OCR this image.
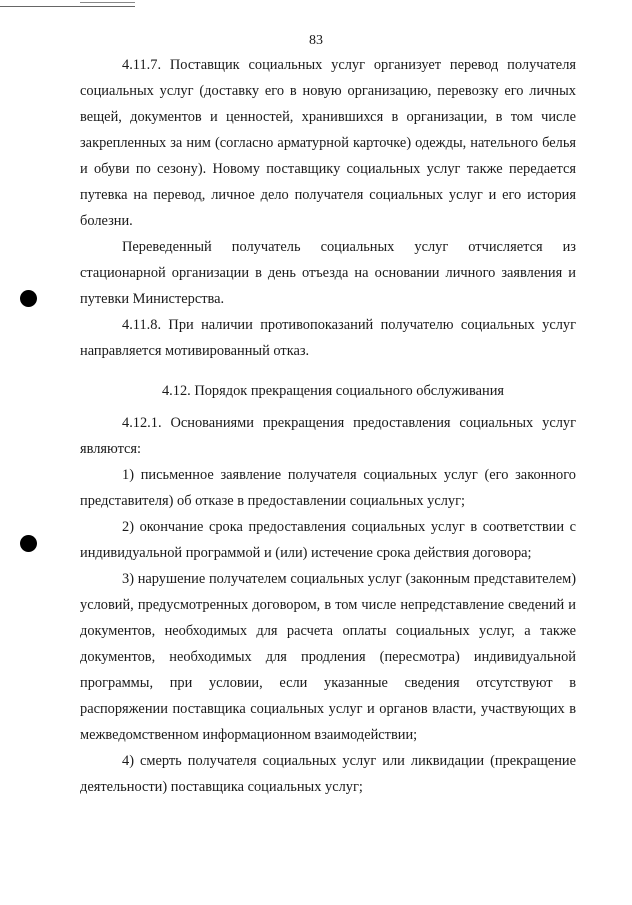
83

4.11.7. Поставщик социальных услуг организует перевод получателя социальных услуг (доставку его в новую организацию, перевозку его личных вещей, документов и ценностей, хранившихся в организации, в том числе закрепленных за ним (согласно арматурной карточке) одежды, нательного белья и обуви по сезону). Новому поставщику социальных услуг также передается путевка на перевод, личное дело получателя социальных услуг и его история болезни.

Переведенный получатель социальных услуг отчисляется из стационарной организации в день отъезда на основании личного заявления и путевки Министерства.

4.11.8. При наличии противопоказаний получателю социальных услуг направляется мотивированный отказ.

4.12. Порядок прекращения социального обслуживания

4.12.1. Основаниями прекращения предоставления социальных услуг являются:

1) письменное заявление получателя социальных услуг (его законного представителя) об отказе в предоставлении социальных услуг;

2) окончание срока предоставления социальных услуг в соответствии с индивидуальной программой и (или) истечение срока действия договора;

3) нарушение получателем социальных услуг (законным представителем) условий, предусмотренных договором, в том числе непредставление сведений и документов, необходимых для расчета оплаты социальных услуг, а также документов, необходимых для продления (пересмотра) индивидуальной программы, при условии, если указанные сведения отсутствуют в распоряжении поставщика социальных услуг и органов власти, участвующих в межведомственном информационном взаимодействии;

4) смерть получателя социальных услуг или ликвидации (прекращение деятельности) поставщика социальных услуг;
